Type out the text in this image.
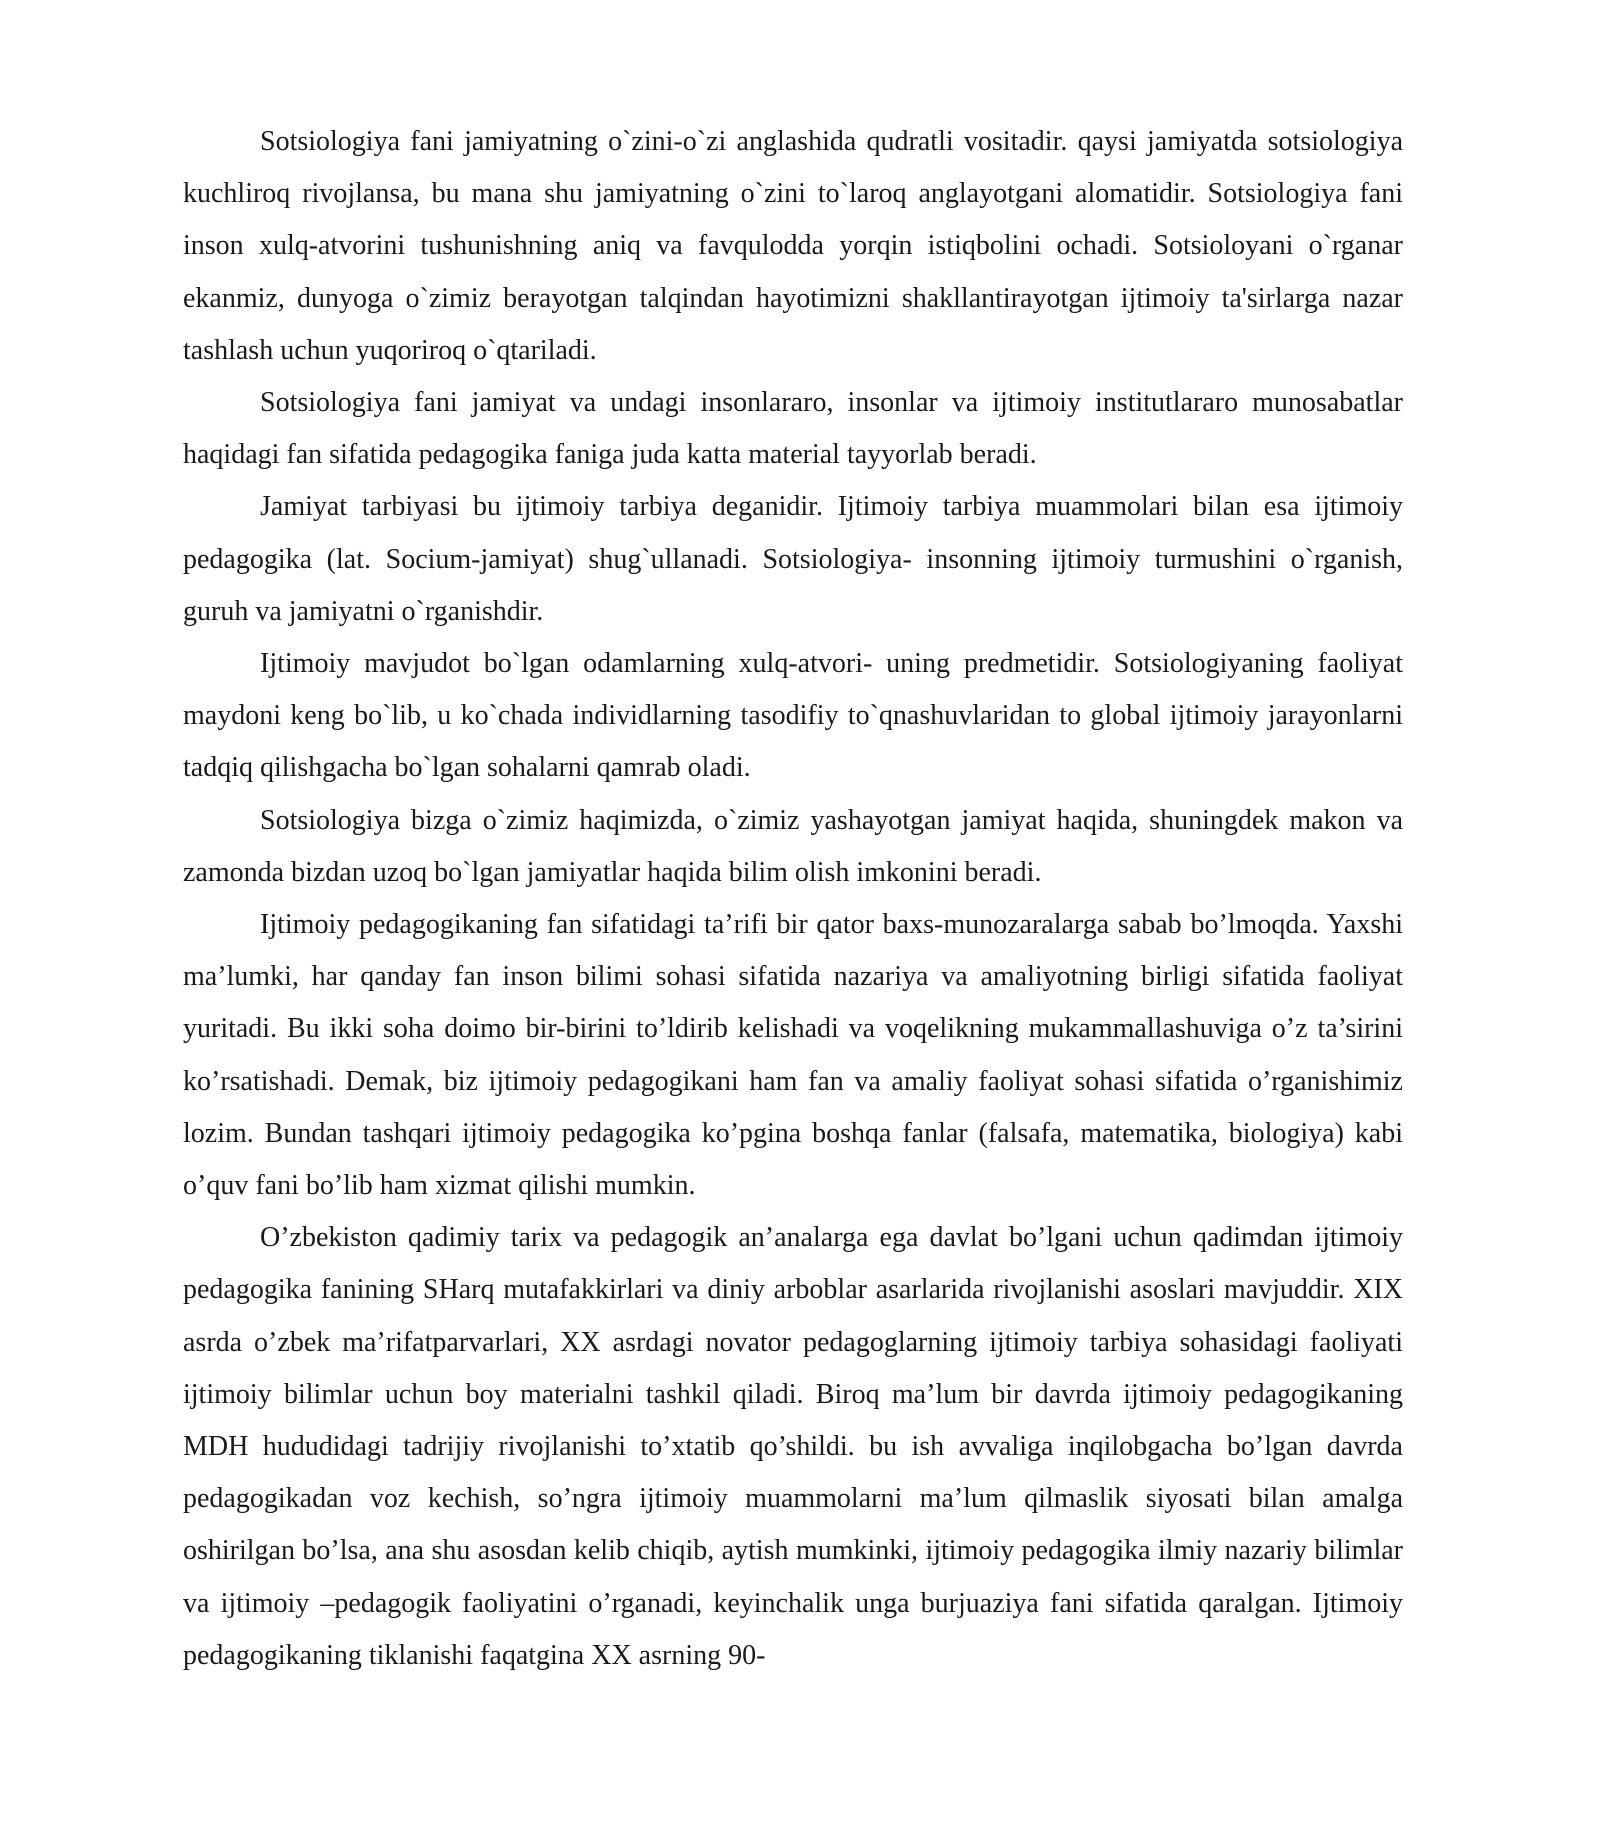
Sotsiologiya fani jamiyatning o`zini-o`zi anglashida qudratli vositadir. qaysi jamiyatda sotsiologiya kuchliroq rivojlansa, bu mana shu jamiyatning o`zini to`laroq anglayotgani alomatidir. Sotsiologiya fani inson xulq-atvorini tushunishning aniq va favqulodda yorqin istiqbolini ochadi. Sotsioloyani o`rganar ekanmiz, dunyoga o`zimiz berayotgan talqindan hayotimizni shakllantirayotgan ijtimoiy ta'sirlarga nazar tashlash uchun yuqoriroq o`qtariladi.

Sotsiologiya fani jamiyat va undagi insonlararo, insonlar va ijtimoiy institutlararo munosabatlar haqidagi fan sifatida pedagogika faniga juda katta material tayyorlab beradi.

Jamiyat tarbiyasi bu ijtimoiy tarbiya deganidir. Ijtimoiy tarbiya muammolari bilan esa ijtimoiy pedagogika (lat. Socium-jamiyat) shug`ullanadi. Sotsiologiya- insonning ijtimoiy turmushini o`rganish, guruh va jamiyatni o`rganishdir.

Ijtimoiy mavjudot bo`lgan odamlarning xulq-atvori- uning predmetidir. Sotsiologiyaning faoliyat maydoni keng bo`lib, u ko`chada individlarning tasodifiy to`qnashuvlaridan to global ijtimoiy jarayonlarni tadqiq qilishgacha bo`lgan sohalarni qamrab oladi.

Sotsiologiya bizga o`zimiz haqimizda, o`zimiz yashayotgan jamiyat haqida, shuningdek makon va zamonda bizdan uzoq bo`lgan jamiyatlar haqida bilim olish imkonini beradi.

Ijtimoiy pedagogikaning fan sifatidagi ta’rifi bir qator baxs-munozaralarga sabab bo’lmoqda. Yaxshi ma’lumki, har qanday fan inson bilimi sohasi sifatida nazariya va amaliyotning birligi sifatida faoliyat yuritadi. Bu ikki soha doimo bir-birini to’ldirib kelishadi va voqelikning mukammallashuviga o’z ta’sirini ko’rsatishadi. Demak, biz ijtimoiy pedagogikani ham fan va amaliy faoliyat sohasi sifatida o’rganishimiz lozim. Bundan tashqari ijtimoiy pedagogika ko’pgina boshqa fanlar (falsafa, matematika, biologiya) kabi o’quv fani bo’lib ham xizmat qilishi mumkin.

O’zbekiston qadimiy tarix va pedagogik an’analarga ega davlat bo’lgani uchun qadimdan ijtimoiy pedagogika fanining SHarq mutafakkirlari va diniy arboblar asarlarida rivojlanishi asoslari mavjuddir. XIX asrda o’zbek ma’rifatparvarlari, XX asrdagi novator pedagoglarning ijtimoiy tarbiya sohasidagi faoliyati ijtimoiy bilimlar uchun boy materialni tashkil qiladi. Biroq ma’lum bir davrda ijtimoiy pedagogikaning MDH hududidagi tadrijiy rivojlanishi to’xtatib qo’shildi. bu ish avvaliga inqilobgacha bo’lgan davrda pedagogikadan voz kechish, so’ngra ijtimoiy muammolarni ma’lum qilmaslik siyosati bilan amalga oshirilgan bo’lsa, ana shu asosdan kelib chiqib, aytish mumkinki, ijtimoiy pedagogika ilmiy nazariy bilimlar va ijtimoiy –pedagogik faoliyatini o’rganadi, keyinchalik unga burjuaziya fani sifatida qaralgan. Ijtimoiy pedagogikaning tiklanishi faqatgina XX asrning 90-
